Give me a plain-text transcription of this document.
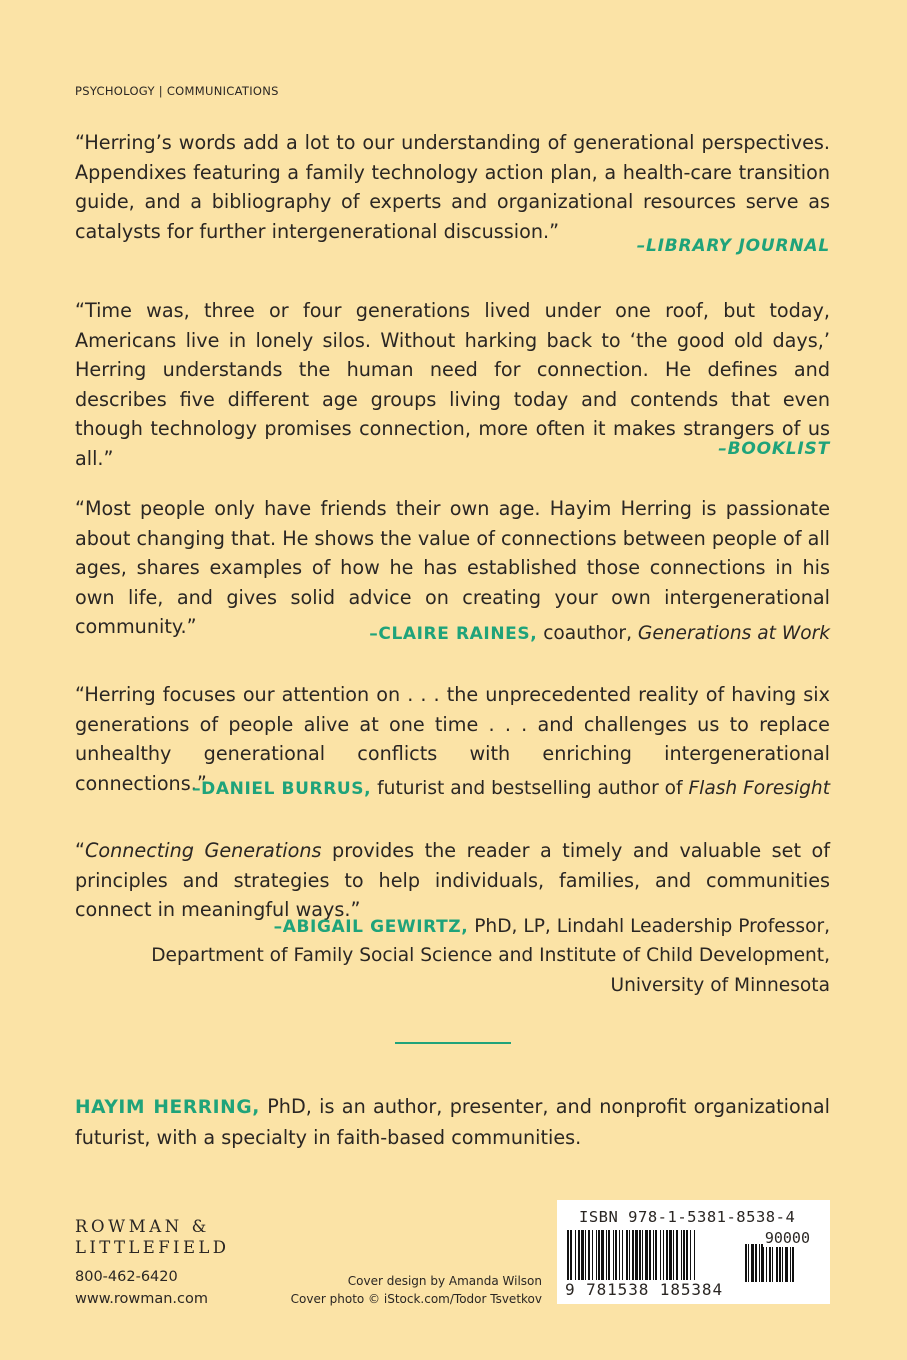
PSYCHOLOGY | COMMUNICATIONS

“Herring’s words add a lot to our understanding of generational perspectives. Appendixes featuring a family technology action plan, a health-care transition guide, and a bibliography of experts and organizational resources serve as catalysts for further intergenerational discussion.”

–LIBRARY JOURNAL

“Time was, three or four generations lived under one roof, but today, Americans live in lonely silos. Without harking back to ‘the good old days,’ Herring understands the human need for connection. He defines and describes five different age groups living today and contends that even though technology promises connection, more often it makes strangers of us all.”	–BOOKLIST

“Most people only have friends their own age. Hayim Herring is passionate about changing that. He shows the value of connections between people of all ages, shares examples of how he has established those connections in his own life, and gives solid advice on creating your own intergenerational community.”	–CLAIRE RAINES, coauthor, Generations at Work

“Herring focuses our attention on . . . the unprecedented reality of having six generations of people alive at one time . . . and challenges us to replace unhealthy generational conflicts with enriching intergenerational connections.”

–DANIEL BURRUS, futurist and bestselling author of Flash Foresight

“Connecting Generations provides the reader a timely and valuable set of principles and strategies to help individuals, families, and communities connect in meaningful ways.”

–ABIGAIL GEWIRTZ, PhD, LP, Lindahl Leadership Professor,
Department of Family Social Science and Institute of Child Development,
University of Minnesota

HAYIM HERRING, PhD, is an author, presenter, and nonprofit organizational futurist, with a specialty in faith-based communities.

ROWMAN &
LITTLEFIELD
800-462-6420
www.rowman.com
Cover design by Amanda Wilson
Cover photo © iStock.com/Todor Tsvetkov
ISBN 978-1-5381-8538-4
90000
9 781538 185384
